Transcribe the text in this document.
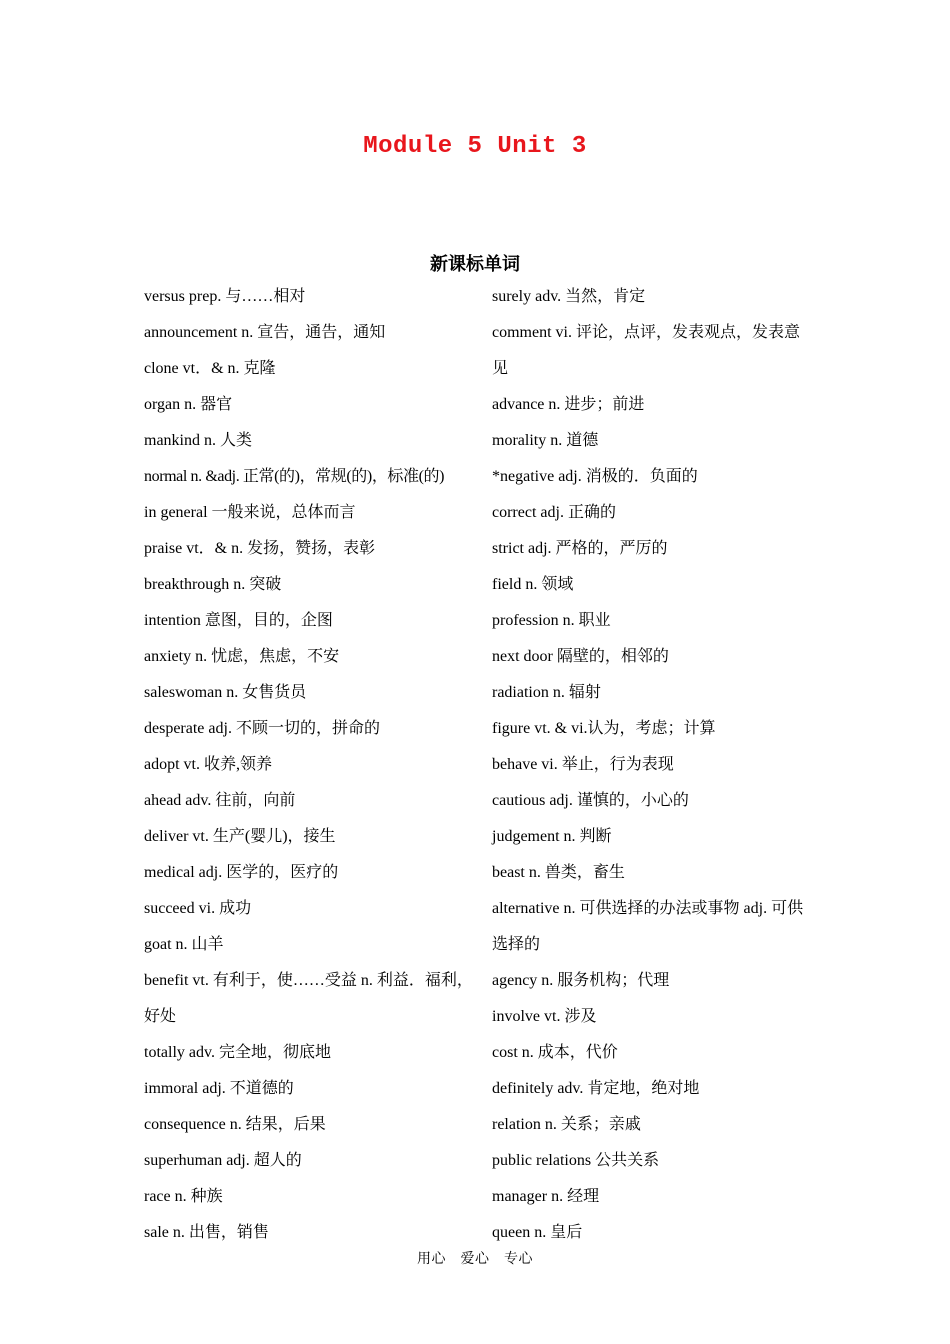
Module 5 Unit 3
新课标单词
versus prep. 与……相对
announcement n. 宣告，通告，通知
clone vt．& n. 克隆
organ n. 器官
mankind n. 人类
normal n. &adj. 正常(的)，常规(的)，标准(的)
in general 一般来说，总体而言
praise vt．& n. 发扬，赞扬，表彰
breakthrough n. 突破
intention 意图，目的，企图
anxiety n. 忧虑，焦虑，不安
saleswoman n. 女售货员
desperate adj. 不顾一切的，拼命的
adopt vt. 收养,领养
ahead adv. 往前，向前
deliver vt. 生产(婴儿)，接生
medical adj. 医学的，医疗的
succeed vi. 成功
goat n. 山羊
benefit vt. 有利于，使……受益 n. 利益．福利，好处
totally adv. 完全地，彻底地
immoral adj. 不道德的
consequence n. 结果，后果
superhuman adj. 超人的
race n. 种族
sale n. 出售，销售
surely adv. 当然，肯定
comment vi. 评论，点评，发表观点，发表意见
advance n. 进步；前进
morality n. 道德
*negative adj. 消极的．负面的
correct adj. 正确的
strict adj. 严格的，严厉的
field n. 领域
profession n. 职业
next door 隔壁的，相邻的
radiation n. 辐射
figure vt. & vi.认为，考虑；计算
behave vi. 举止，行为表现
cautious adj. 谨慎的，小心的
judgement n. 判断
beast n. 兽类，畜生
alternative n. 可供选择的办法或事物 adj. 可供选择的
agency n. 服务机构；代理
involve vt. 涉及
cost n. 成本，代价
definitely adv. 肯定地，绝对地
relation n. 关系；亲戚
public relations 公共关系
manager n. 经理
queen n. 皇后
用心　爱心　专心
